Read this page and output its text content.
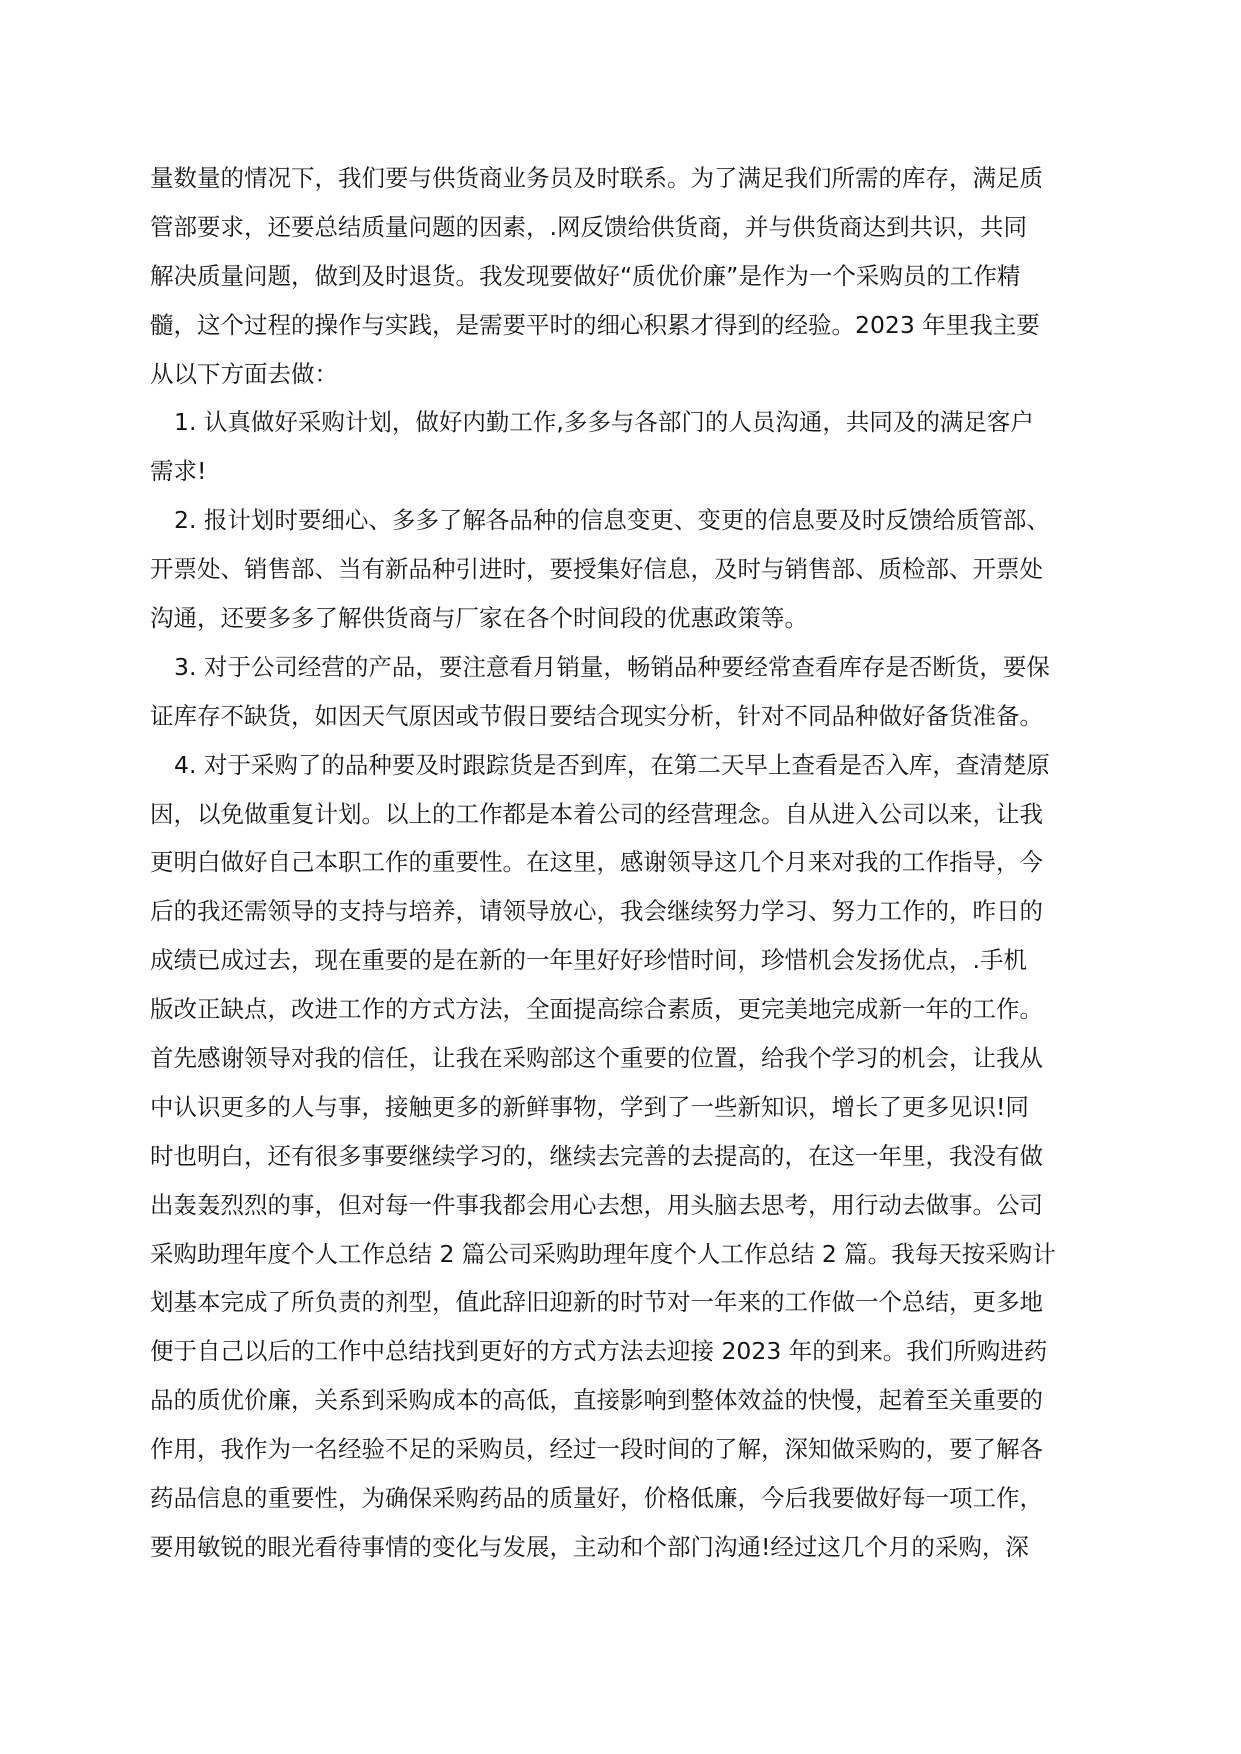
量数量的情况下，我们要与供货商业务员及时联系。为了满足我们所需的库存，满足质
管部要求，还要总结质量问题的因素，.网反馈给供货商，并与供货商达到共识，共同
解决质量问题，做到及时退货。我发现要做好“质优价廉”是作为一个采购员的工作精
髓，这个过程的操作与实践，是需要平时的细心积累才得到的经验。2023 年里我主要
从以下方面去做：
1. 认真做好采购计划，做好内勤工作,多多与各部门的人员沟通，共同及的满足客户
需求!
2. 报计划时要细心、多多了解各品种的信息变更、变更的信息要及时反馈给质管部、
开票处、销售部、当有新品种引进时，要授集好信息，及时与销售部、质检部、开票处
沟通，还要多多了解供货商与厂家在各个时间段的优惠政策等。
3. 对于公司经营的产品，要注意看月销量，畅销品种要经常查看库存是否断货，要保
证库存不缺货，如因天气原因或节假日要结合现实分析，针对不同品种做好备货准备。
4. 对于采购了的品种要及时跟踪货是否到库，在第二天早上查看是否入库，查清楚原
因，以免做重复计划。以上的工作都是本着公司的经营理念。自从进入公司以来，让我
更明白做好自己本职工作的重要性。在这里，感谢领导这几个月来对我的工作指导，今
后的我还需领导的支持与培养，请领导放心，我会继续努力学习、努力工作的，昨日的
成绩已成过去，现在重要的是在新的一年里好好珍惜时间，珍惜机会发扬优点，.手机
版改正缺点，改进工作的方式方法，全面提高综合素质，更完美地完成新一年的工作。
首先感谢领导对我的信任，让我在采购部这个重要的位置，给我个学习的机会，让我从
中认识更多的人与事，接触更多的新鲜事物，学到了一些新知识，增长了更多见识!同
时也明白，还有很多事要继续学习的，继续去完善的去提高的，在这一年里，我没有做
出轰轰烈烈的事，但对每一件事我都会用心去想，用头脑去思考，用行动去做事。公司
采购助理年度个人工作总结 2 篇公司采购助理年度个人工作总结 2 篇。我每天按采购计
划基本完成了所负责的剂型，值此辞旧迎新的时节对一年来的工作做一个总结，更多地
便于自己以后的工作中总结找到更好的方式方法去迎接 2023 年的到来。我们所购进药
品的质优价廉，关系到采购成本的高低，直接影响到整体效益的快慢，起着至关重要的
作用，我作为一名经验不足的采购员，经过一段时间的了解，深知做采购的，要了解各
药品信息的重要性，为确保采购药品的质量好，价格低廉，今后我要做好每一项工作，
要用敏锐的眼光看待事情的变化与发展，主动和个部门沟通!经过这几个月的采购，深
